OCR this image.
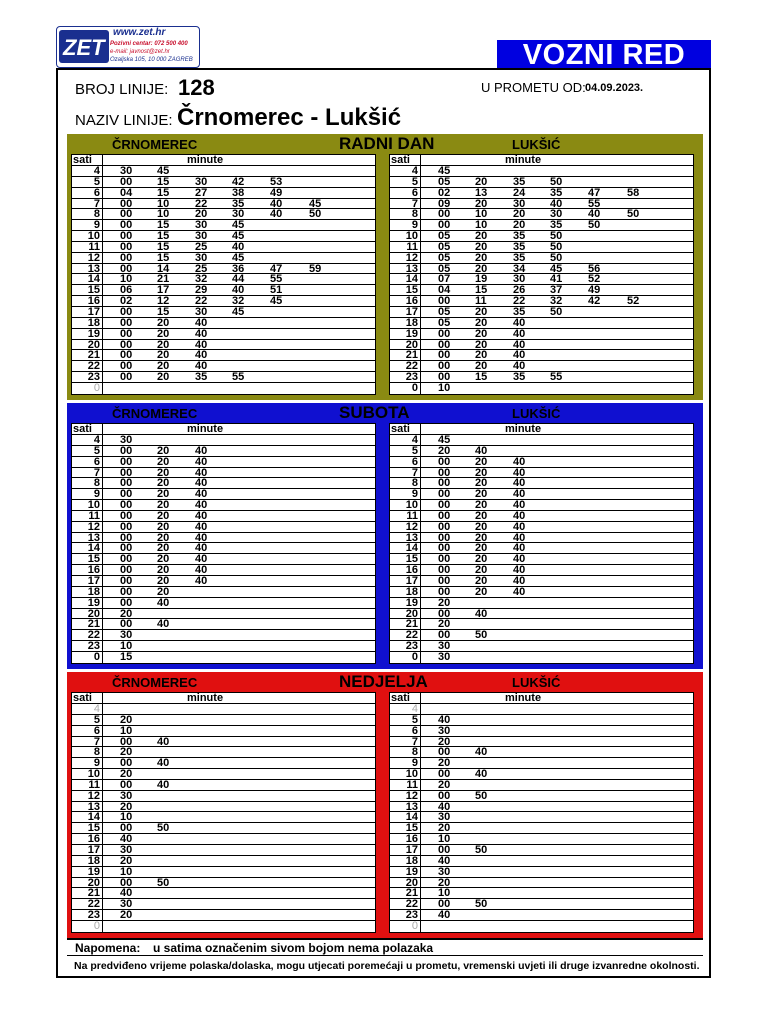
ZET
www.zet.hr
Pozivni centar: 072 500 400
e-mail: javnost@zet.hr
Ozaljska 105, 10 000 ZAGREB	VOZNI RED
BROJ LINIJE: 128	U PROMETU OD: 04.09.2023.
NAZIV LINIJE: Črnomerec - Lukšić
ČRNOMEREC	RADNI DAN	LUKŠIĆ
sati	minute
4 30 45
5 00 15 30 42 53
6 04 15 27 38 49
7 00 10 22 35 40 45
8 00 10 20 30 40 50
9 00 15 30 45
10 00 15 30 45
11 00 15 25 40
12 00 15 30 45
13 00 14 25 36 47 59
14 10 21 32 44 55
15 06 17 29 40 51
16 02 12 22 32 45
17 00 15 30 45
18 00 20 40
19 00 20 40
20 00 20 40
21 00 20 40
22 00 20 40
23 00 20 35 55
0
sati	minute
4 45
5 05 20 35 50
6 02 13 24 35 47 58
7 09 20 30 40 55
8 00 10 20 30 40 50
9 00 10 20 35 50
10 05 20 35 50
11 05 20 35 50
12 05 20 35 50
13 05 20 34 45 56
14 07 19 30 41 52
15 04 15 26 37 49
16 00 11 22 32 42 52
17 05 20 35 50
18 05 20 40
19 00 20 40
20 00 20 40
21 00 20 40
22 00 20 40
23 00 15 35 55
0 10
ČRNOMEREC	SUBOTA	LUKŠIĆ
sati	minute
4 30
5 00 20 40
6 00 20 40
7 00 20 40
8 00 20 40
9 00 20 40
10 00 20 40
11 00 20 40
12 00 20 40
13 00 20 40
14 00 20 40
15 00 20 40
16 00 20 40
17 00 20 40
18 00 20
19 00 40
20 20
21 00 40
22 30
23 10
0 15
sati	minute
4 45
5 20 40
6 00 20 40
7 00 20 40
8 00 20 40
9 00 20 40
10 00 20 40
11 00 20 40
12 00 20 40
13 00 20 40
14 00 20 40
15 00 20 40
16 00 20 40
17 00 20 40
18 00 20 40
19 20
20 00 40
21 20
22 00 50
23 30
0 30
ČRNOMEREC	NEDJELJA	LUKŠIĆ
sati	minute
4
5 20
6 10
7 00 40
8 20
9 00 40
10 20
11 00 40
12 30
13 20
14 10
15 00 50
16 40
17 30
18 20
19 10
20 00 50
21 40
22 30
23 20
0
sati	minute
4
5 40
6 30
7 20
8 00 40
9 20
10 00 40
11 20
12 00 50
13 40
14 30
15 20
16 10
17 00 50
18 40
19 30
20 20
21 10
22 00 50
23 40
0
Napomena: u satima označenim sivom bojom nema polazaka
Na predviđeno vrijeme polaska/dolaska, mogu utjecati poremećaji u prometu, vremenski uvjeti ili druge izvanredne okolnosti.
